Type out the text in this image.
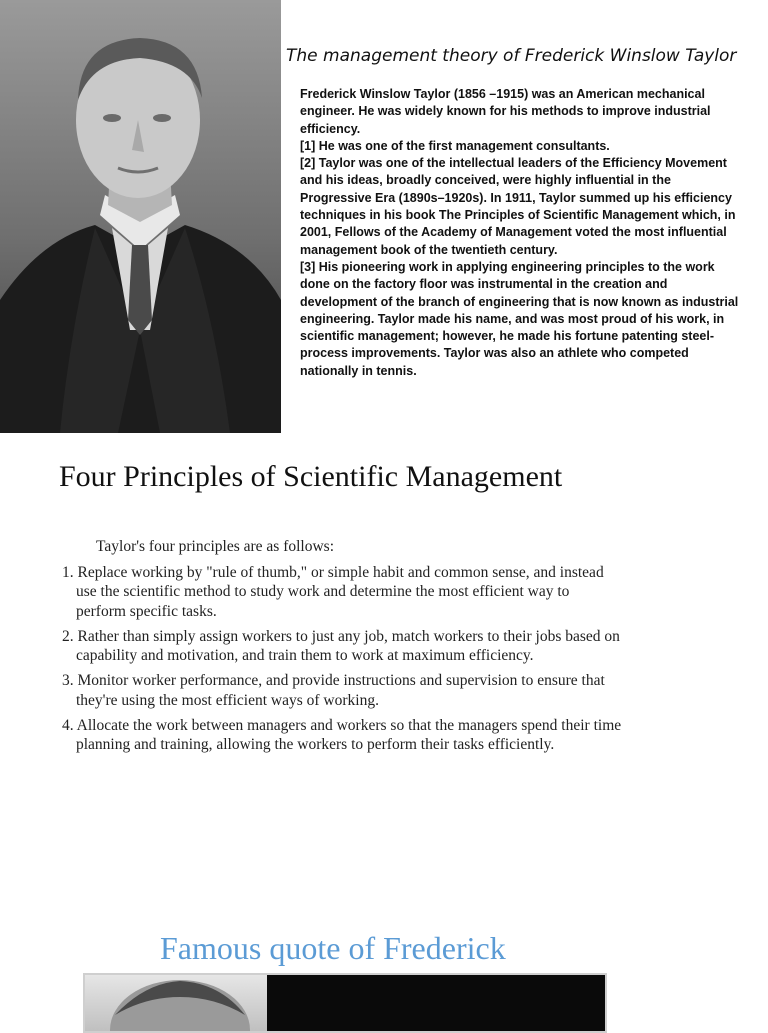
The management theory of Frederick Winslow Taylor

Frederick Winslow Taylor (1856 –1915) was an American mechanical engineer. He was widely known for his methods to improve industrial efficiency.

[1] He was one of the first management consultants.

[2] Taylor was one of the intellectual leaders of the Efficiency Movement and his ideas, broadly conceived, were highly influential in the Progressive Era (1890s–1920s). In 1911, Taylor summed up his efficiency techniques in his book The Principles of Scientific Management which, in 2001, Fellows of the Academy of Management voted the most influential management book of the twentieth century.

[3] His pioneering work in applying engineering principles to the work done on the factory floor was instrumental in the creation and development of the branch of engineering that is now known as industrial engineering. Taylor made his name, and was most proud of his work, in scientific management; however, he made his fortune patenting steel-process improvements. Taylor was also an athlete who competed nationally in tennis.

Four Principles of Scientific Management
Taylor's four principles are as follows:
1. Replace working by "rule of thumb," or simple habit and common sense, and instead use the scientific method to study work and determine the most efficient way to perform specific tasks.
2. Rather than simply assign workers to just any job, match workers to their jobs based on capability and motivation, and train them to work at maximum efficiency.
3. Monitor worker performance, and provide instructions and supervision to ensure that they're using the most efficient ways of working.
4. Allocate the work between managers and workers so that the managers spend their time planning and training, allowing the workers to perform their tasks efficiently.
Famous quote of Frederick
